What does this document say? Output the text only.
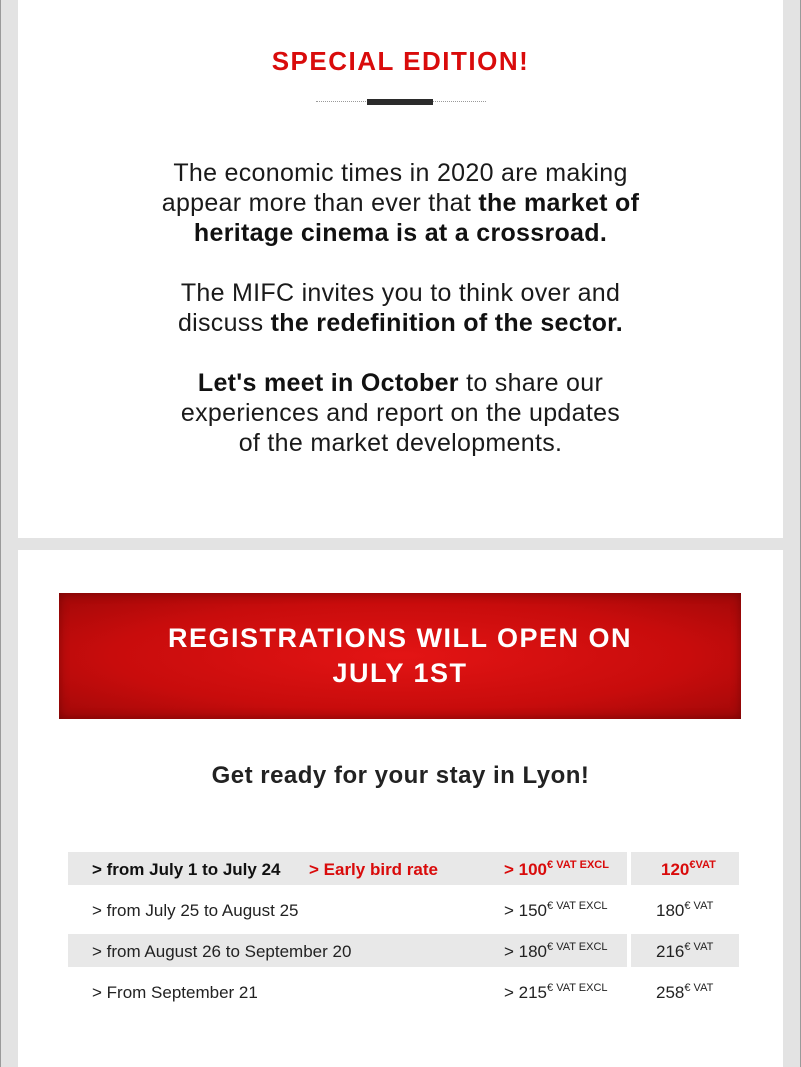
SPECIAL EDITION!
The economic times in 2020 are making
appear more than ever that the market of
heritage cinema is at a crossroad.
The MIFC invites you to think over and
discuss the redefinition of the sector.
Let's meet in October to share our
experiences and report on the updates
of the market developments.
REGISTRATIONS WILL OPEN ON JULY 1ST
Get ready for your stay in Lyon!
> from July 1 to July 24 > Early bird rate	> $100^{€ VAT EXCL}$	$120^{€VAT}$
> from July 25 to August 25	> $150^{€ VAT EXCL}$	$180^{€ VAT}$
> from August 26 to September 20	> $180^{€ VAT EXCL}$	$216^{€ VAT}$
> From September 21	> $215^{€ VAT EXCL}$	$258^{€ VAT}$
